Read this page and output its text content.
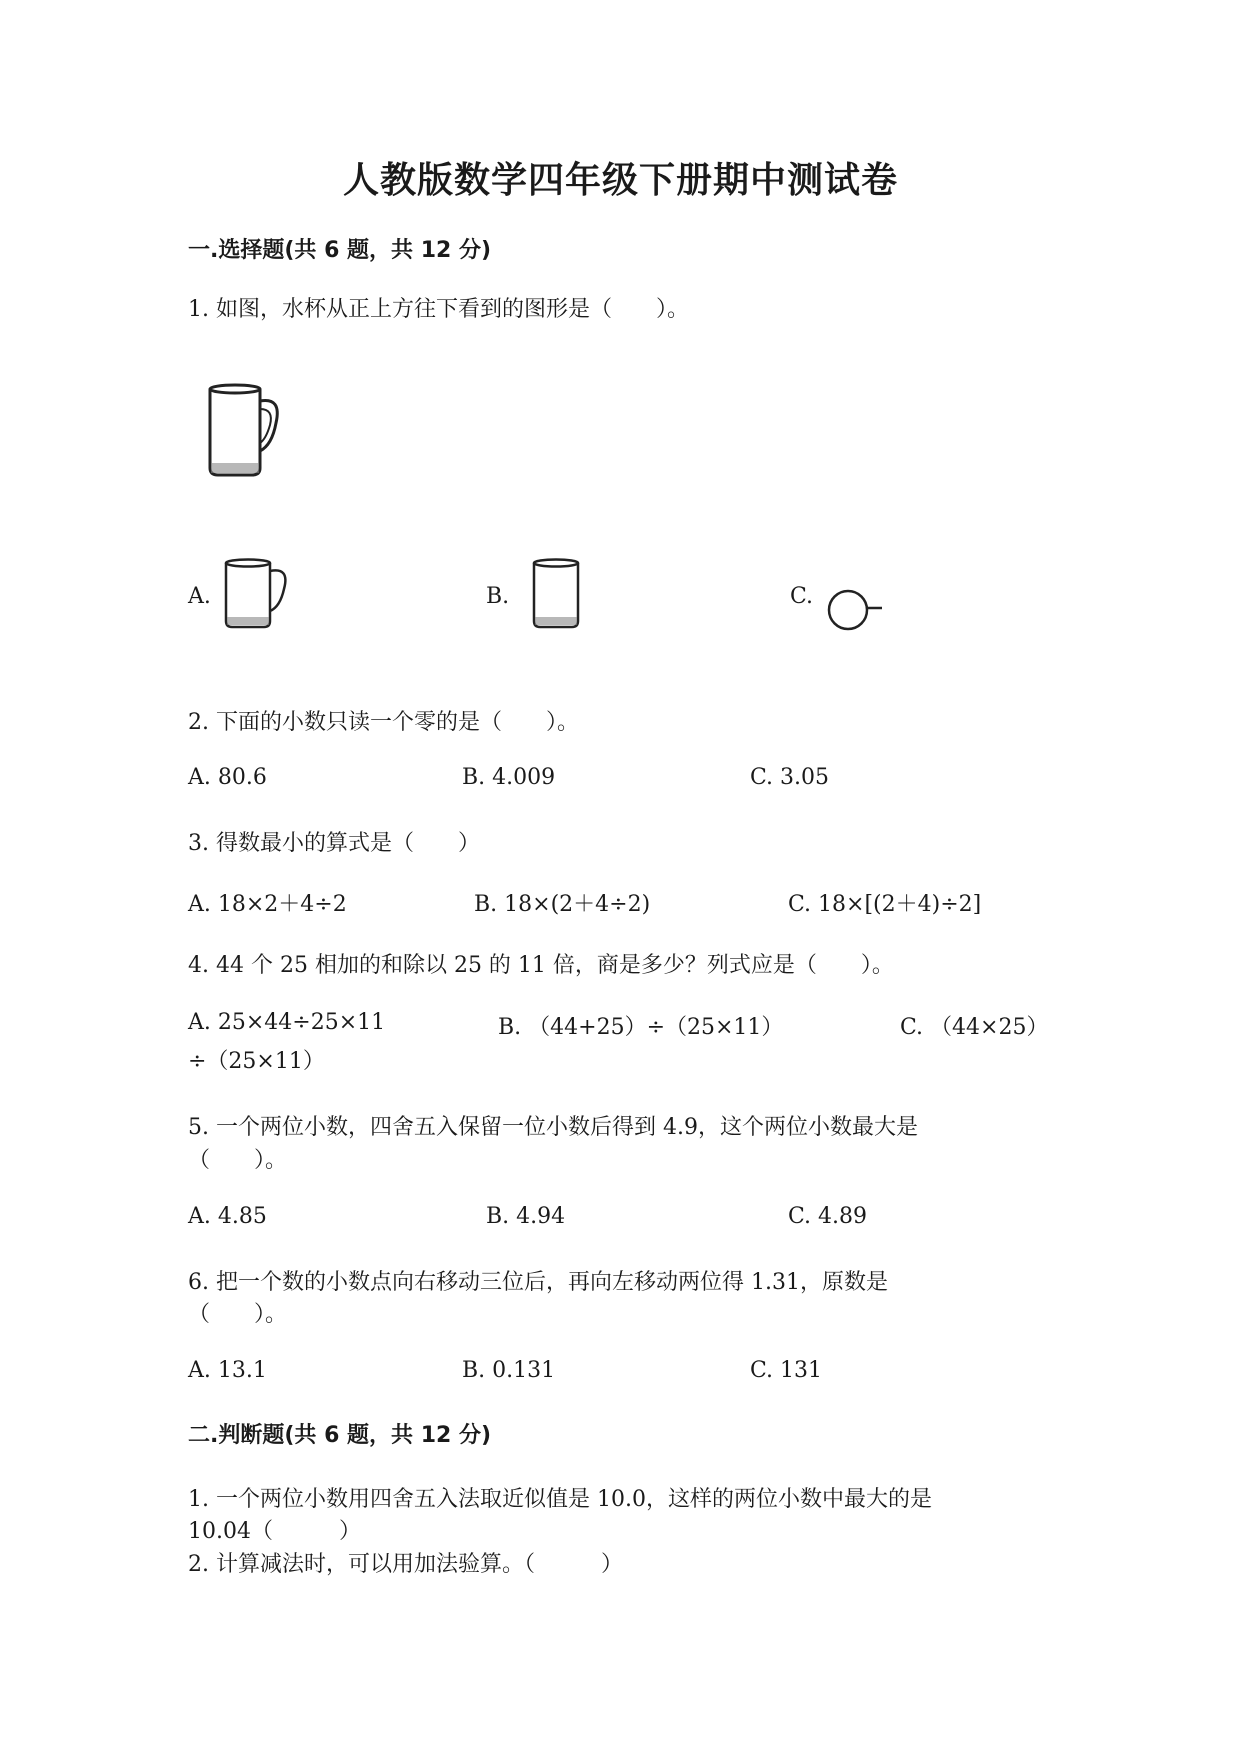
人教版数学四年级下册期中测试卷
一.选择题(共 6 题，共 12 分)
1. 如图，水杯从正上方往下看到的图形是（　　）。
A.	B.	C.
2. 下面的小数只读一个零的是（　　）。
A. 80.6	B. 4.009	C. 3.05
3. 得数最小的算式是（　　）
A. 18×2＋4÷2	B. 18×(2＋4÷2)	C. 18×[(2＋4)÷2]
4. 44 个 25 相加的和除以 25 的 11 倍，商是多少？列式应是（　　）。
A. 25×44÷25×11	B. （44+25）÷（25×11）	C. （44×25）
÷（25×11）
5. 一个两位小数，四舍五入保留一位小数后得到 4.9，这个两位小数最大是
（　　）。
A. 4.85	B. 4.94	C. 4.89
6. 把一个数的小数点向右移动三位后，再向左移动两位得 1.31，原数是
（　　）。
A. 13.1	B. 0.131	C. 131
二.判断题(共 6 题，共 12 分)
1. 一个两位小数用四舍五入法取近似值是 10.0，这样的两位小数中最大的是
10.04（　　　）
2. 计算减法时，可以用加法验算。（　　　）
